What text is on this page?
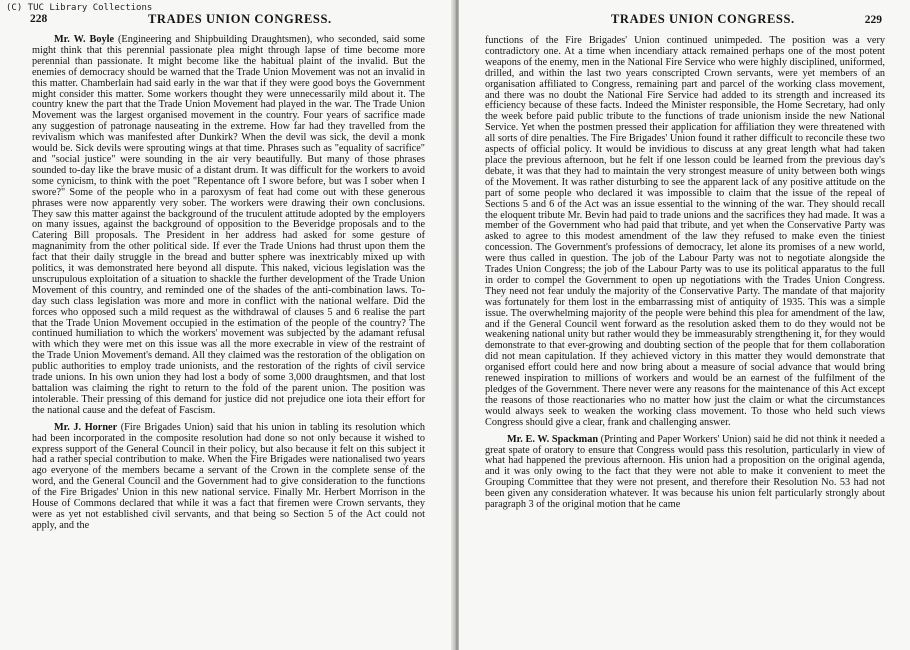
(C) TUC Library Collections
228	TRADES UNION CONGRESS.

Mr. W. Boyle (Engineering and Shipbuilding Draughtsmen), who seconded, said some might think that this perennial passionate plea might through lapse of time become more perennial than passionate. It might become like the habitual plaint of the invalid. But the enemies of democracy should be warned that the Trade Union Movement was not an invalid in this matter. Chamberlain had said early in the war that if they were good boys the Government might consider this matter. Some workers thought they were unnecessarily mild about it. The country knew the part that the Trade Union Movement had played in the war. The Trade Union Movement was the largest organised movement in the country. Four years of sacrifice made any suggestion of patronage nauseating in the extreme. How far had they travelled from the revivalism which was manifested after Dunkirk? When the devil was sick, the devil a monk would be. Sick devils were sprouting wings at that time. Phrases such as "equality of sacrifice" and "social justice" were sounding in the air very beautifully. But many of those phrases sounded to-day like the brave music of a distant drum. It was difficult for the workers to avoid some cynicism, to think with the poet "Repentance oft I swore before, but was I sober when I swore?" Some of the people who in a paroxysm of feat had come out with these generous phrases were now apparently very sober. The workers were drawing their own conclusions. They saw this matter against the background of the truculent attitude adopted by the employers on many issues, against the background of opposition to the Beveridge proposals and to the Catering Bill proposals. The President in her address had asked for some gesture of magnanimity from the other political side. If ever the Trade Unions had thrust upon them the fact that their daily struggle in the bread and butter sphere was inextricably mixed up with politics, it was demonstrated here beyond all dispute. This naked, vicious legislation was the unscrupulous exploitation of a situation to shackle the further development of the Trade Union Movement of this country, and reminded one of the shades of the anti-combination laws. To-day such class legislation was more and more in conflict with the national welfare. Did the forces who opposed such a mild request as the withdrawal of clauses 5 and 6 realise the part that the Trade Union Movement occupied in the estimation of the people of the country? The continued humiliation to which the workers' movement was subjected by the adamant refusal with which they were met on this issue was all the more execrable in view of the restraint of the Trade Union Movement's demand. All they claimed was the restoration of the obligation on public authorities to employ trade unionists, and the restoration of the rights of civil service trade unions. In his own union they had lost a body of some 3,000 draughtsmen, and that lost battalion was claiming the right to return to the fold of the parent union. The position was intolerable. Their pressing of this demand for justice did not prejudice one iota their effort for the national cause and the defeat of Fascism.

Mr. J. Horner (Fire Brigades Union) said that his union in tabling its resolution which had been incorporated in the composite resolution had done so not only because it wished to express support of the General Council in their policy, but also because it felt on this subject it had a rather special contribution to make. When the Fire Brigades were nationalised two years ago everyone of the members became a servant of the Crown in the complete sense of the word, and the General Council and the Government had to give consideration to the functions of the Fire Brigades' Union in this new national service. Finally Mr. Herbert Morrison in the House of Commons declared that while it was a fact that firemen were Crown servants, they were as yet not established civil servants, and that being so Section 5 of the Act could not apply, and the

TRADES UNION CONGRESS.	229

functions of the Fire Brigades' Union continued unimpeded. The position was a very contradictory one. At a time when incendiary attack remained perhaps one of the most potent weapons of the enemy, men in the National Fire Service who were highly disciplined, uniformed, drilled, and within the last two years conscripted Crown servants, were yet members of an organisation affiliated to Congress, remaining part and parcel of the working class movement, and there was no doubt the National Fire Service had added to its strength and increased its efficiency because of these facts. Indeed the Minister responsible, the Home Secretary, had only the week before paid public tribute to the functions of trade unionism inside the new National Service. Yet when the postmen pressed their application for affiliation they were threatened with all sorts of dire penalties. The Fire Brigades' Union found it rather difficult to reconcile these two aspects of official policy. It would be invidious to discuss at any great length what had taken place the previous afternoon, but he felt if one lesson could be learned from the previous day's debate, it was that they had to maintain the very strongest measure of unity between both wings of the Movement. It was rather disturbing to see the apparent lack of any positive attitude on the part of some people who declared it was impossible to claim that the issue of the repeal of Sections 5 and 6 of the Act was an issue essential to the winning of the war. They should recall the eloquent tribute Mr. Bevin had paid to trade unions and the sacrifices they had made. It was a member of the Government who had paid that tribute, and yet when the Conservative Party was asked to agree to this modest amendment of the law they refused to make even the tiniest concession. The Government's professions of democracy, let alone its promises of a new world, were thus called in question. The job of the Labour Party was not to negotiate alongside the Trades Union Congress; the job of the Labour Party was to use its political apparatus to the full in order to compel the Government to open up negotiations with the Trades Union Congress. They need not fear unduly the majority of the Conservative Party. The mandate of that majority was fortunately for them lost in the embarrassing mist of antiquity of 1935. This was a simple issue. The overwhelming majority of the people were behind this plea for amendment of the law, and if the General Council went forward as the resolution asked them to do they would not be weakening national unity but rather would they be immeasurably strengthening it, for they would demonstrate to that ever-growing and doubting section of the people that for them collaboration did not mean capitulation. If they achieved victory in this matter they would demonstrate that organised effort could here and now bring about a measure of social advance that would bring renewed inspiration to millions of workers and would be an earnest of the fulfilment of the pledges of the Government. There never were any reasons for the maintenance of this Act except the reasons of those reactionaries who no matter how just the claim or what the circumstances would always seek to weaken the working class movement. To those who held such views Congress should give a clear, frank and challenging answer.

Mr. E. W. Spackman (Printing and Paper Workers' Union) said he did not think it needed a great spate of oratory to ensure that Congress would pass this resolution, particularly in view of what had happened the previous afternoon. His union had a proposition on the original agenda, and it was only owing to the fact that they were not able to make it convenient to meet the Grouping Committee that they were not present, and therefore their Resolution No. 53 had not been given any consideration whatever. It was because his union felt particularly strongly about paragraph 3 of the original motion that he came
